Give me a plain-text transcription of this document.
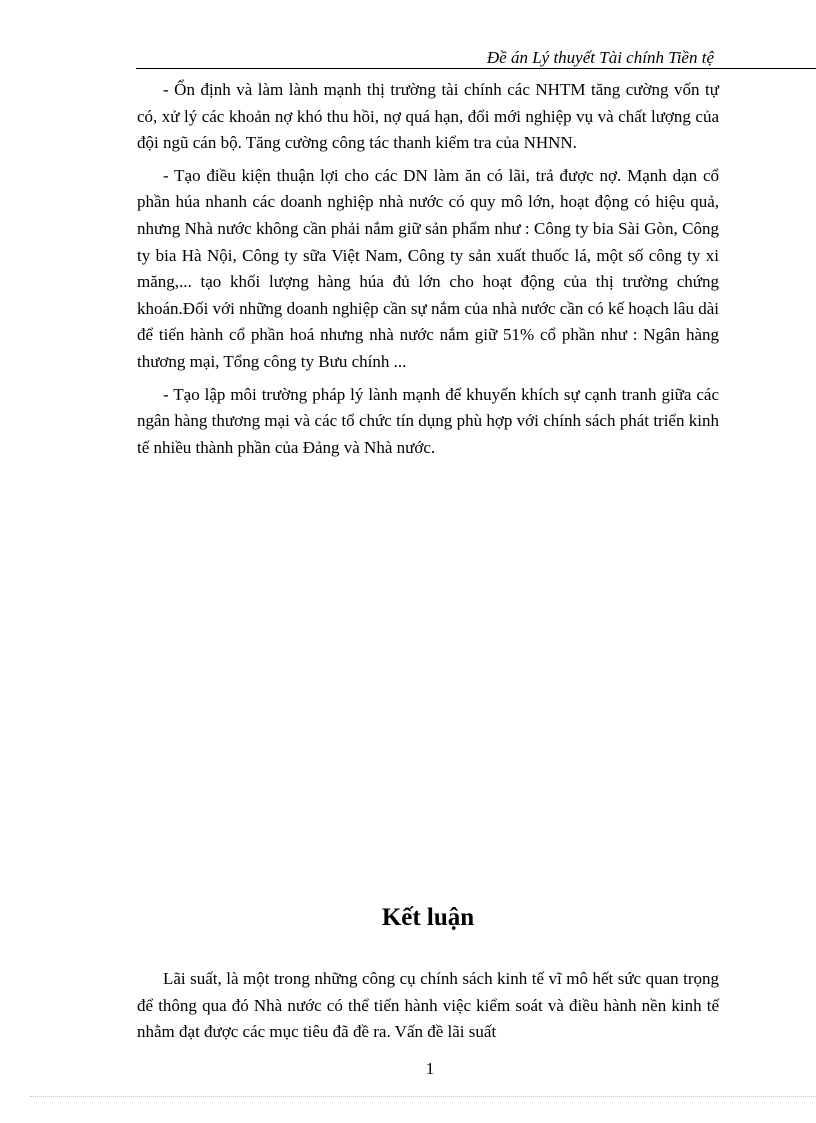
Đề án Lý thuyết Tài chính Tiền tệ

- Ổn định và làm lành mạnh thị trường tài chính các NHTM tăng cường vốn tự có, xử lý các khoản nợ khó thu hồi, nợ quá hạn, đổi mới nghiệp vụ và chất lượng của đội ngũ cán bộ. Tăng cường công tác thanh kiểm tra của NHNN.

- Tạo điều kiện thuận lợi cho các DN làm ăn có lãi, trả được nợ. Mạnh dạn cổ phần húa nhanh các doanh nghiệp nhà nước có quy mô lớn, hoạt động có hiệu quả, nhưng Nhà nước không cần phải nắm giữ sản phẩm như : Công ty bia Sài Gòn, Công ty bia Hà Nội, Công ty sữa Việt Nam, Công ty sản xuất thuốc lá, một số công ty xi măng,... tạo khối lượng hàng húa đủ lớn cho hoạt động của thị trường chứng khoán.Đối với những doanh nghiệp cần sự nắm của nhà nước cần có kế hoạch lâu dài để tiến hành cổ phần hoá nhưng nhà nước nắm giữ 51% cổ phần như : Ngân hàng thương mại, Tổng công ty Bưu chính ...

- Tạo lập môi trường pháp lý lành mạnh để khuyến khích sự cạnh tranh giữa các ngân hàng thương mại và các tổ chức tín dụng phù hợp với chính sách phát triển kinh tế nhiều thành phần của Đảng và Nhà nước.

Kết luận

Lãi suất, là một trong những công cụ chính sách kinh tế vĩ mô hết sức quan trọng để thông qua đó Nhà nước có thể tiến hành việc kiểm soát và điều hành nền kinh tế nhằm đạt được các mục tiêu đã đề ra. Vấn đề lãi suất

1
